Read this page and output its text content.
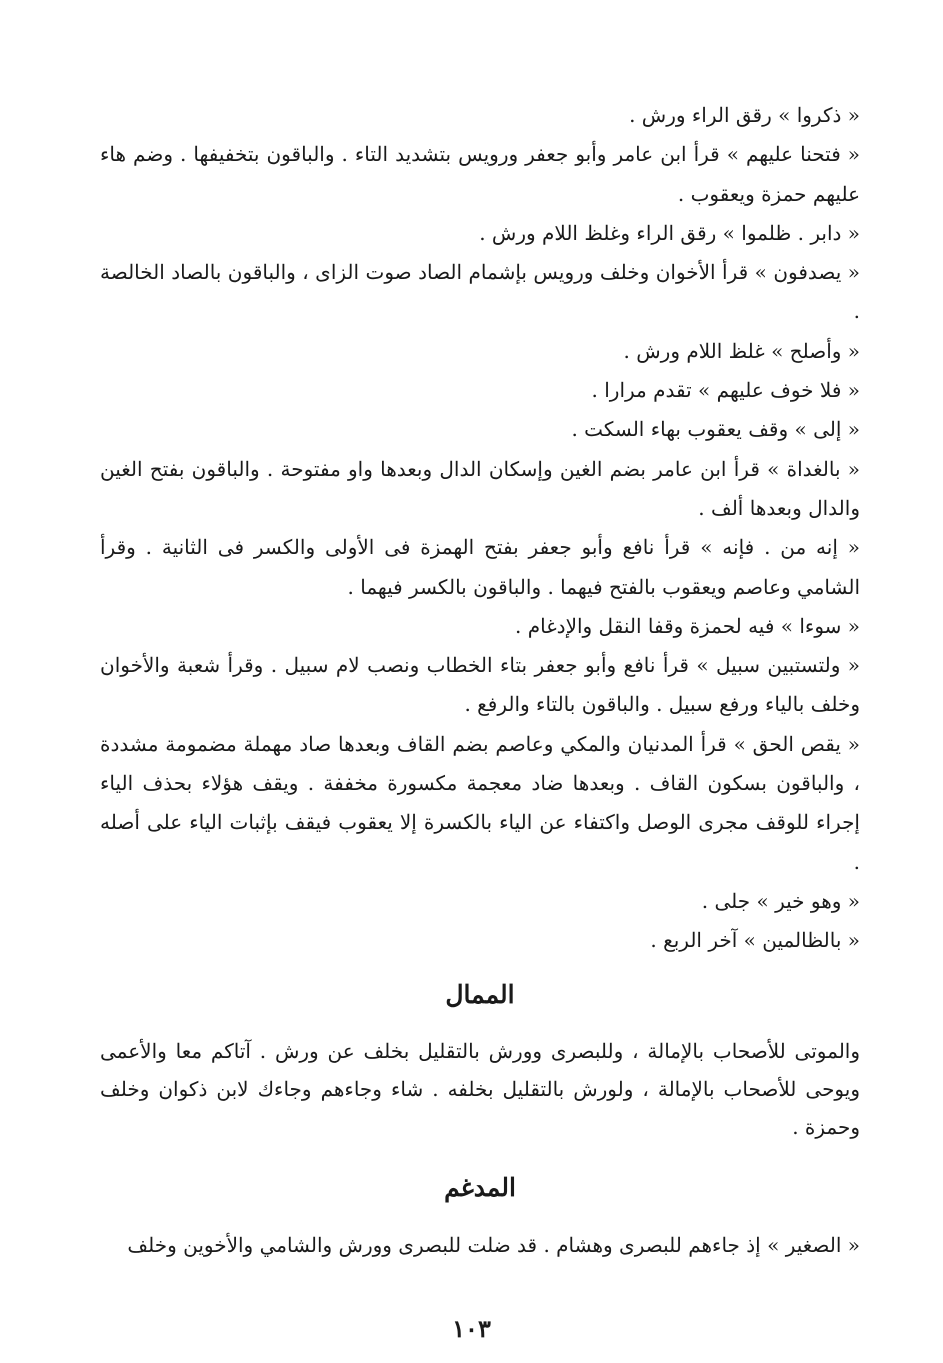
« ذكروا » رقق الراء ورش .

« فتحنا عليهم » قرأ ابن عامر وأبو جعفر ورويس بتشديد التاء . والباقون بتخفيفها . وضم هاء عليهم حمزة ويعقوب .

« دابر . ظلموا » رقق الراء وغلظ اللام ورش .

« يصدفون » قرأ الأخوان وخلف ورويس بإشمام الصاد صوت الزاى ، والباقون بالصاد الخالصة .

« وأصلح » غلظ اللام ورش .

« فلا خوف عليهم » تقدم مرارا .

« إلى » وقف يعقوب بهاء السكت .

« بالغداة » قرأ ابن عامر بضم الغين وإسكان الدال وبعدها واو مفتوحة . والباقون بفتح الغين والدال وبعدها ألف .

« إنه من . فإنه » قرأ نافع وأبو جعفر بفتح الهمزة فى الأولى والكسر فى الثانية . وقرأ الشامي وعاصم ويعقوب بالفتح فيهما . والباقون بالكسر فيهما .

« سوءا » فيه لحمزة وقفا النقل والإدغام .

« ولتستبين سبيل » قرأ نافع وأبو جعفر بتاء الخطاب ونصب لام سبيل . وقرأ شعبة والأخوان وخلف بالياء ورفع سبيل . والباقون بالتاء والرفع .

« يقص الحق » قرأ المدنيان والمكي وعاصم بضم القاف وبعدها صاد مهملة مضمومة مشددة ، والباقون بسكون القاف . وبعدها ضاد معجمة مكسورة مخففة . ويقف هؤلاء بحذف الياء إجراء للوقف مجرى الوصل واكتفاء عن الياء بالكسرة إلا يعقوب فيقف بإثبات الياء على أصله .

« وهو خير » جلى .

« بالظالمين » آخر الربع .

الممال

والموتى للأصحاب بالإمالة ، وللبصرى وورش بالتقليل بخلف عن ورش . آتاكم معا والأعمى ويوحى للأصحاب بالإمالة ، ولورش بالتقليل بخلفه . شاء وجاءهم وجاءك لابن ذكوان وخلف وحمزة .

المدغم

« الصغير » إذ جاءهم للبصرى وهشام . قد ضلت للبصرى وورش والشامي والأخوين وخلف

١٠٣
